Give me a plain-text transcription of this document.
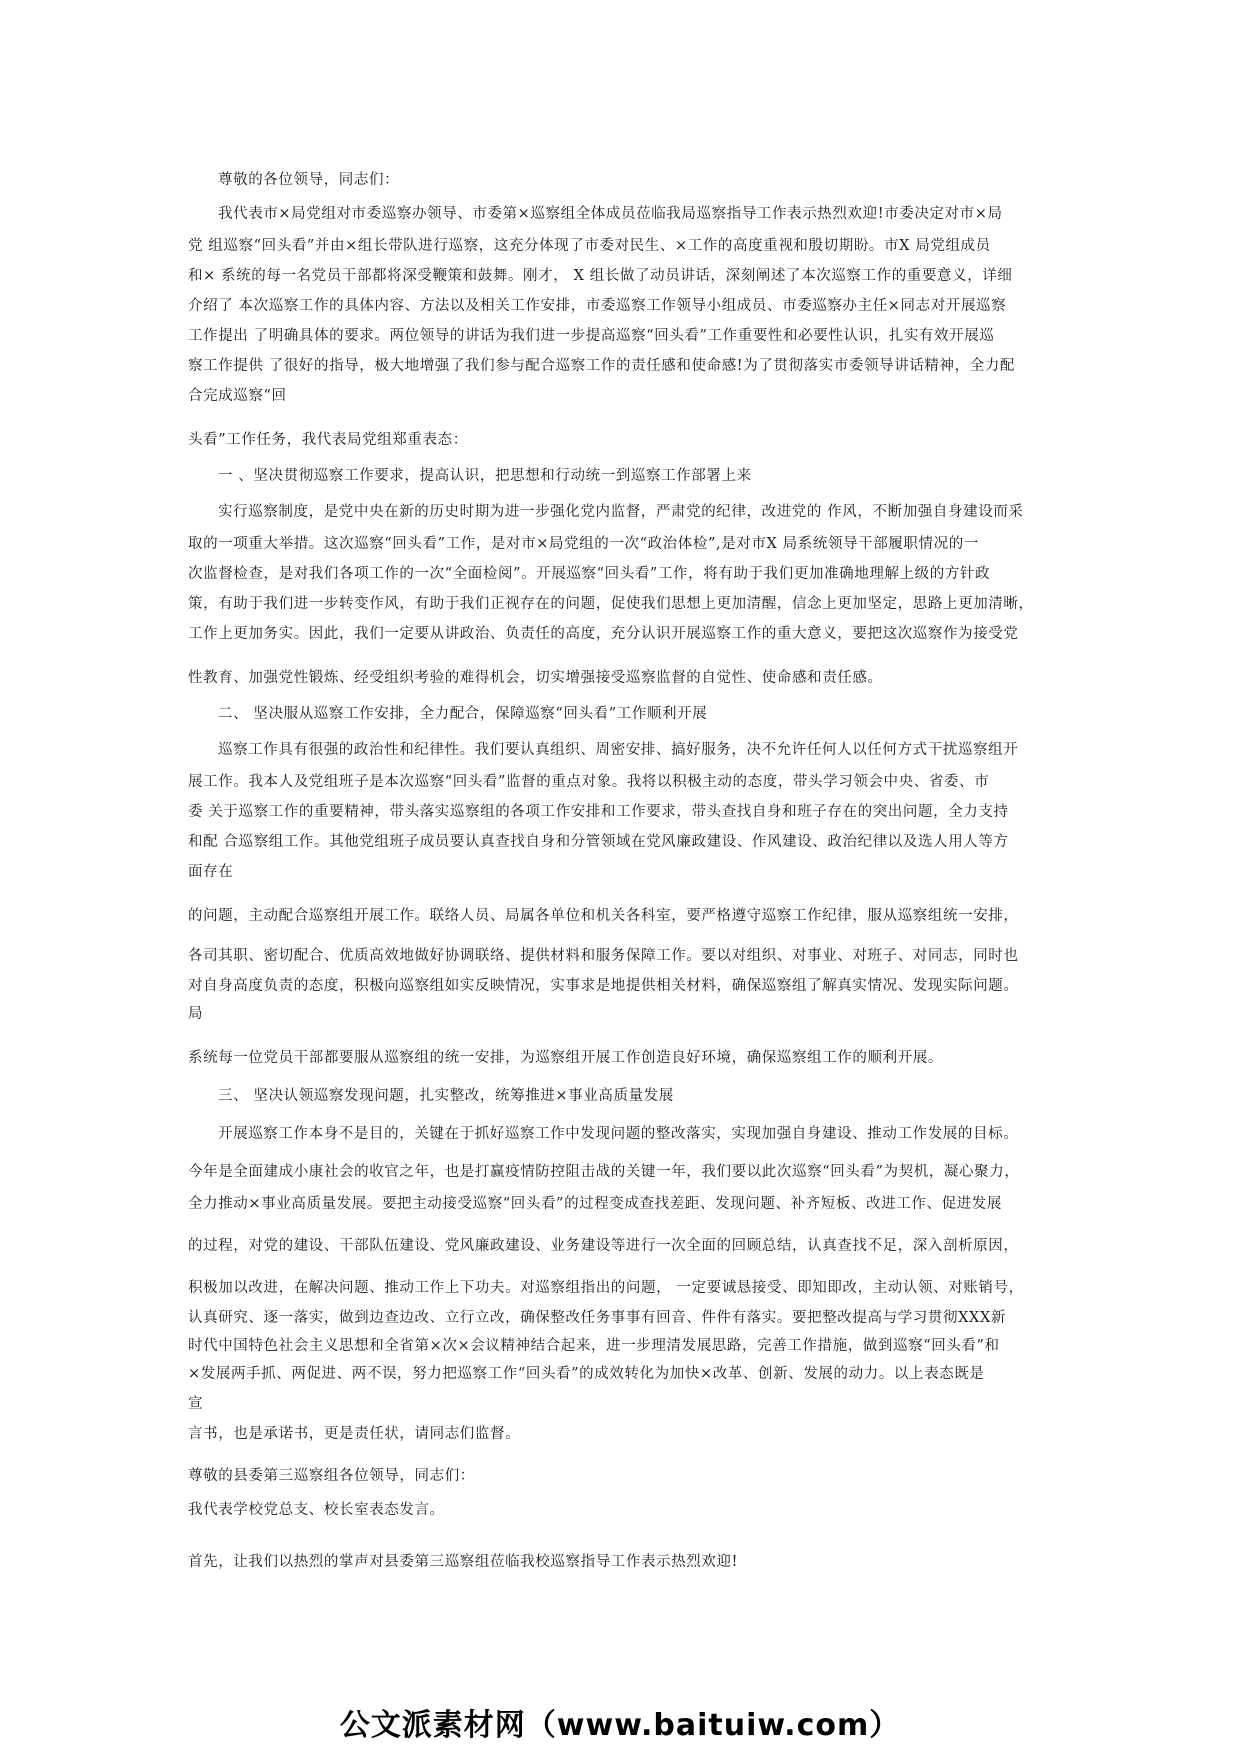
尊敬的各位领导，同志们：
我代表市×局党组对市委巡察办领导、市委第×巡察组全体成员莅临我局巡察指导工作表示热烈欢迎!市委决定对市×局
党 组巡察“回头看”并由×组长带队进行巡察，这充分体现了市委对民生、×工作的高度重视和殷切期盼。市X 局党组成员
和× 系统的每一名党员干部都将深受鞭策和鼓舞。刚才， X 组长做了动员讲话，深刻阐述了本次巡察工作的重要意义，详细
介绍了 本次巡察工作的具体内容、方法以及相关工作安排，市委巡察工作领导小组成员、市委巡察办主任×同志对开展巡察
工作提出 了明确具体的要求。两位领导的讲话为我们进一步提高巡察“回头看”工作重要性和必要性认识，扎实有效开展巡
察工作提供 了很好的指导，极大地增强了我们参与配合巡察工作的责任感和使命感!为了贯彻落实市委领导讲话精神，全力配
合完成巡察“回
头看”工作任务，我代表局党组郑重表态：
一 、坚决贯彻巡察工作要求，提高认识，把思想和行动统一到巡察工作部署上来
实行巡察制度，是党中央在新的历史时期为进一步强化党内监督，严肃党的纪律，改进党的 作风，不断加强自身建设而采
取的一项重大举措。这次巡察“回头看”工作，是对市×局党组的一次“政治体检”,是对市X 局系统领导干部履职情况的一
次监督检查，是对我们各项工作的一次“全面检阅”。开展巡察“回头看”工作，将有助于我们更加准确地理解上级的方针政
策，有助于我们进一步转变作风，有助于我们正视存在的问题，促使我们思想上更加清醒，信念上更加坚定，思路上更加清晰，
工作上更加务实。因此，我们一定要从讲政治、负责任的高度，充分认识开展巡察工作的重大意义，要把这次巡察作为接受党
性教育、加强党性锻炼、经受组织考验的难得机会，切实增强接受巡察监督的自觉性、使命感和责任感。
二、 坚决服从巡察工作安排，全力配合，保障巡察“回头看”工作顺利开展
巡察工作具有很强的政治性和纪律性。我们要认真组织、周密安排、搞好服务，决不允许任何人以任何方式干扰巡察组开
展工作。我本人及党组班子是本次巡察“回头看”监督的重点对象。我将以积极主动的态度，带头学习领会中央、省委、市
委 关于巡察工作的重要精神，带头落实巡察组的各项工作安排和工作要求，带头查找自身和班子存在的突出问题，全力支持
和配 合巡察组工作。其他党组班子成员要认真查找自身和分管领域在党风廉政建设、作风建设、政治纪律以及选人用人等方
面存在
的问题，主动配合巡察组开展工作。联络人员、局属各单位和机关各科室，要严格遵守巡察工作纪律，服从巡察组统一安排，
各司其职、密切配合、优质高效地做好协调联络、提供材料和服务保障工作。要以对组织、对事业、对班子、对同志，同时也
对自身高度负责的态度，积极向巡察组如实反映情况，实事求是地提供相关材料，确保巡察组了解真实情况、发现实际问题。
局
系统每一位党员干部都要服从巡察组的统一安排，为巡察组开展工作创造良好环境，确保巡察组工作的顺利开展。
三、 坚决认领巡察发现问题，扎实整改，统筹推进×事业高质量发展
开展巡察工作本身不是目的，关键在于抓好巡察工作中发现问题的整改落实，实现加强自身建设、推动工作发展的目标。
今年是全面建成小康社会的收官之年，也是打赢疫情防控阻击战的关键一年，我们要以此次巡察“回头看”为契机，凝心聚力，
全力推动×事业高质量发展。要把主动接受巡察“回头看”的过程变成查找差距、发现问题、补齐短板、改进工作、促进发展
的过程，对党的建设、干部队伍建设、党风廉政建设、业务建设等进行一次全面的回顾总结，认真查找不足，深入剖析原因，
积极加以改进，在解决问题、推动工作上下功夫。对巡察组指出的问题， 一定要诚恳接受、即知即改，主动认领、对账销号，
认真研究、逐一落实，做到边查边改、立行立改，确保整改任务事事有回音、件件有落实。要把整改提高与学习贯彻XXX新
时代中国特色社会主义思想和全省第×次×会议精神结合起来，进一步理清发展思路，完善工作措施，做到巡察“回头看”和
×发展两手抓、两促进、两不误，努力把巡察工作“回头看”的成效转化为加快×改革、创新、发展的动力。以上表态既是
宣
言书，也是承诺书，更是责任状，请同志们监督。
尊敬的县委第三巡察组各位领导，同志们：
我代表学校党总支、校长室表态发言。
首先，让我们以热烈的掌声对县委第三巡察组莅临我校巡察指导工作表示热烈欢迎!
公文派素材网（www.baituiw.com）
